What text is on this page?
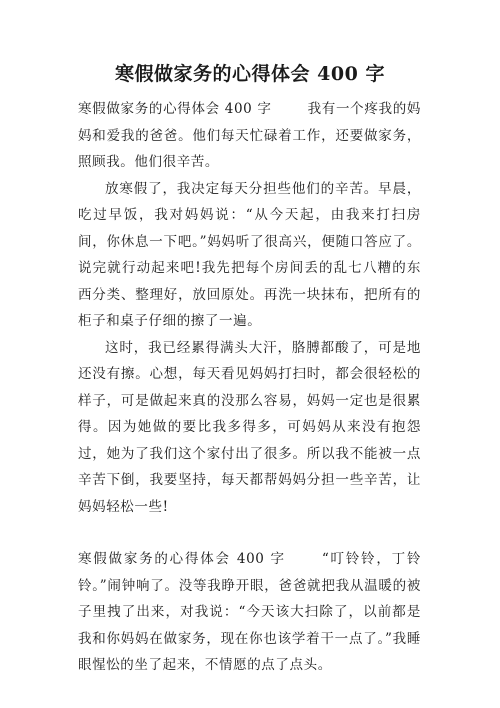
寒假做家务的心得体会 400 字

寒假做家务的心得体会 400 字	我有一个疼我的妈妈和爱我的爸爸。他们每天忙碌着工作，还要做家务，照顾我。他们很辛苦。

放寒假了，我决定每天分担些他们的辛苦。早晨，吃过早饭，我对妈妈说：“从今天起，由我来打扫房间，你休息一下吧。”妈妈听了很高兴，便随口答应了。说完就行动起来吧!我先把每个房间丢的乱七八糟的东西分类、整理好，放回原处。再洗一块抹布，把所有的柜子和桌子仔细的擦了一遍。

这时，我已经累得满头大汗，胳膊都酸了，可是地还没有擦。心想，每天看见妈妈打扫时，都会很轻松的样子，可是做起来真的没那么容易，妈妈一定也是很累得。因为她做的要比我多得多，可妈妈从来没有抱怨过，她为了我们这个家付出了很多。所以我不能被一点辛苦下倒，我要坚持，每天都帮妈妈分担一些辛苦，让妈妈轻松一些!

寒假做家务的心得体会 400 字	“叮铃铃，丁铃铃。”闹钟响了。没等我睁开眼，爸爸就把我从温暖的被子里拽了出来，对我说：“今天该大扫除了，以前都是我和你妈妈在做家务，现在你也该学着干一点了。”我睡眼惺忪的坐了起来，不情愿的点了点头。
